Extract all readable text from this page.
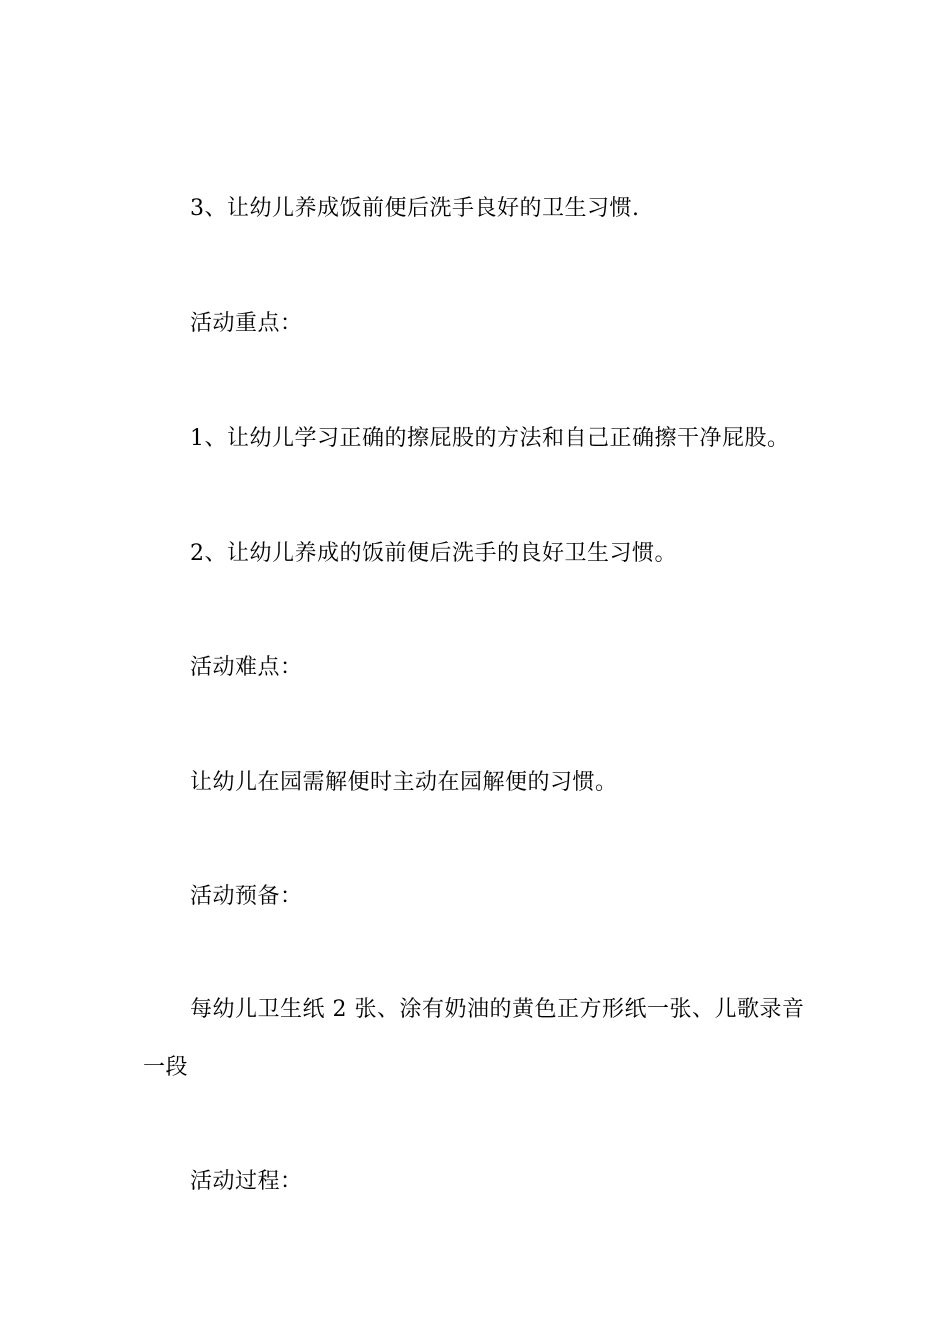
3、让幼儿养成饭前便后洗手良好的卫生习惯.
活动重点：
1、让幼儿学习正确的擦屁股的方法和自己正确擦干净屁股。
2、让幼儿养成的饭前便后洗手的良好卫生习惯。
活动难点：
让幼儿在园需解便时主动在园解便的习惯。
活动预备：
每幼儿卫生纸 2 张、涂有奶油的黄色正方形纸一张、儿歌录音
一段
活动过程：
